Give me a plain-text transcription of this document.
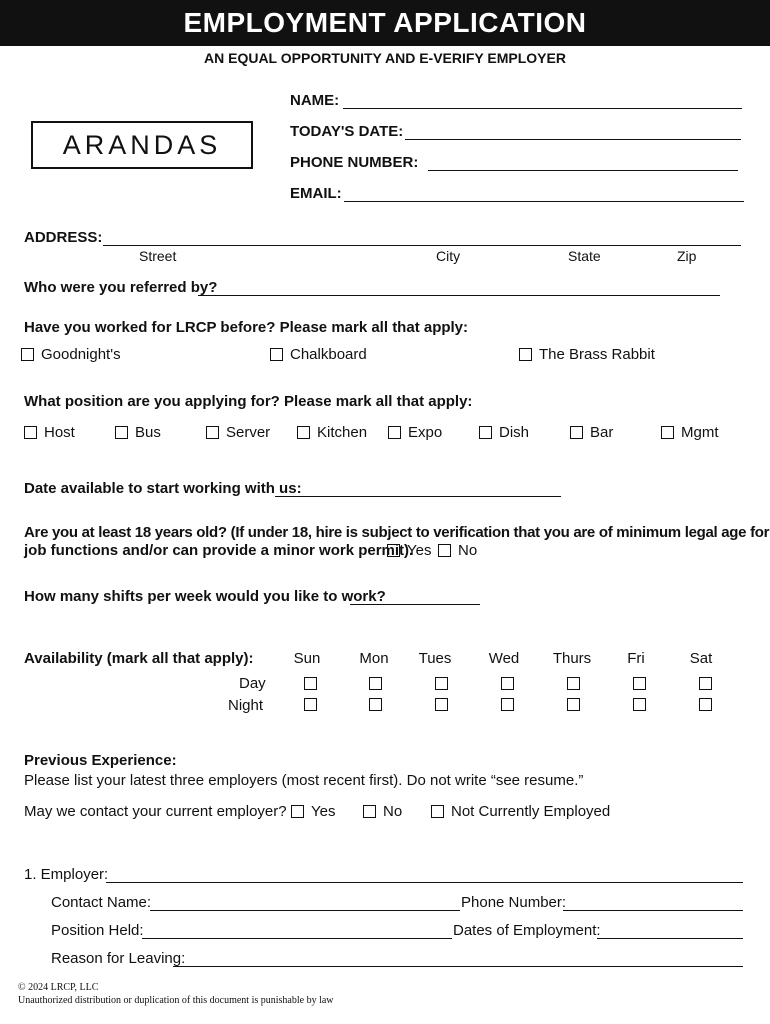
EMPLOYMENT APPLICATION
AN EQUAL OPPORTUNITY AND E-VERIFY EMPLOYER
ARANDAS
NAME:
TODAY'S DATE:
PHONE NUMBER:
EMAIL:
ADDRESS:
Street	City	State	Zip
Who were you referred by?
Have you worked for LRCP before? Please mark all that apply:
Goodnight's	Chalkboard	The Brass Rabbit
What position are you applying for? Please mark all that apply:
Host	Bus	Server	Kitchen	Expo	Dish	Bar	Mgmt
Date available to start working with us:
Are you at least 18 years old? (If under 18, hire is subject to verification that you are of minimum legal age for
job functions and/or can provide a minor work permit).
Yes No
How many shifts per week would you like to work?
Availability (mark all that apply):	Sun	Mon	Tues	Wed	Thurs	Fri	Sat
Day
Night
Previous Experience:
Please list your latest three employers (most recent first). Do not write “see resume.”
May we contact your current employer? Yes	No	Not Currently Employed
1. Employer:
Contact Name:	Phone Number:
Position Held:	Dates of Employment:
Reason for Leaving:
© 2024 LRCP, LLC
Unauthorized distribution or duplication of this document is punishable by law
